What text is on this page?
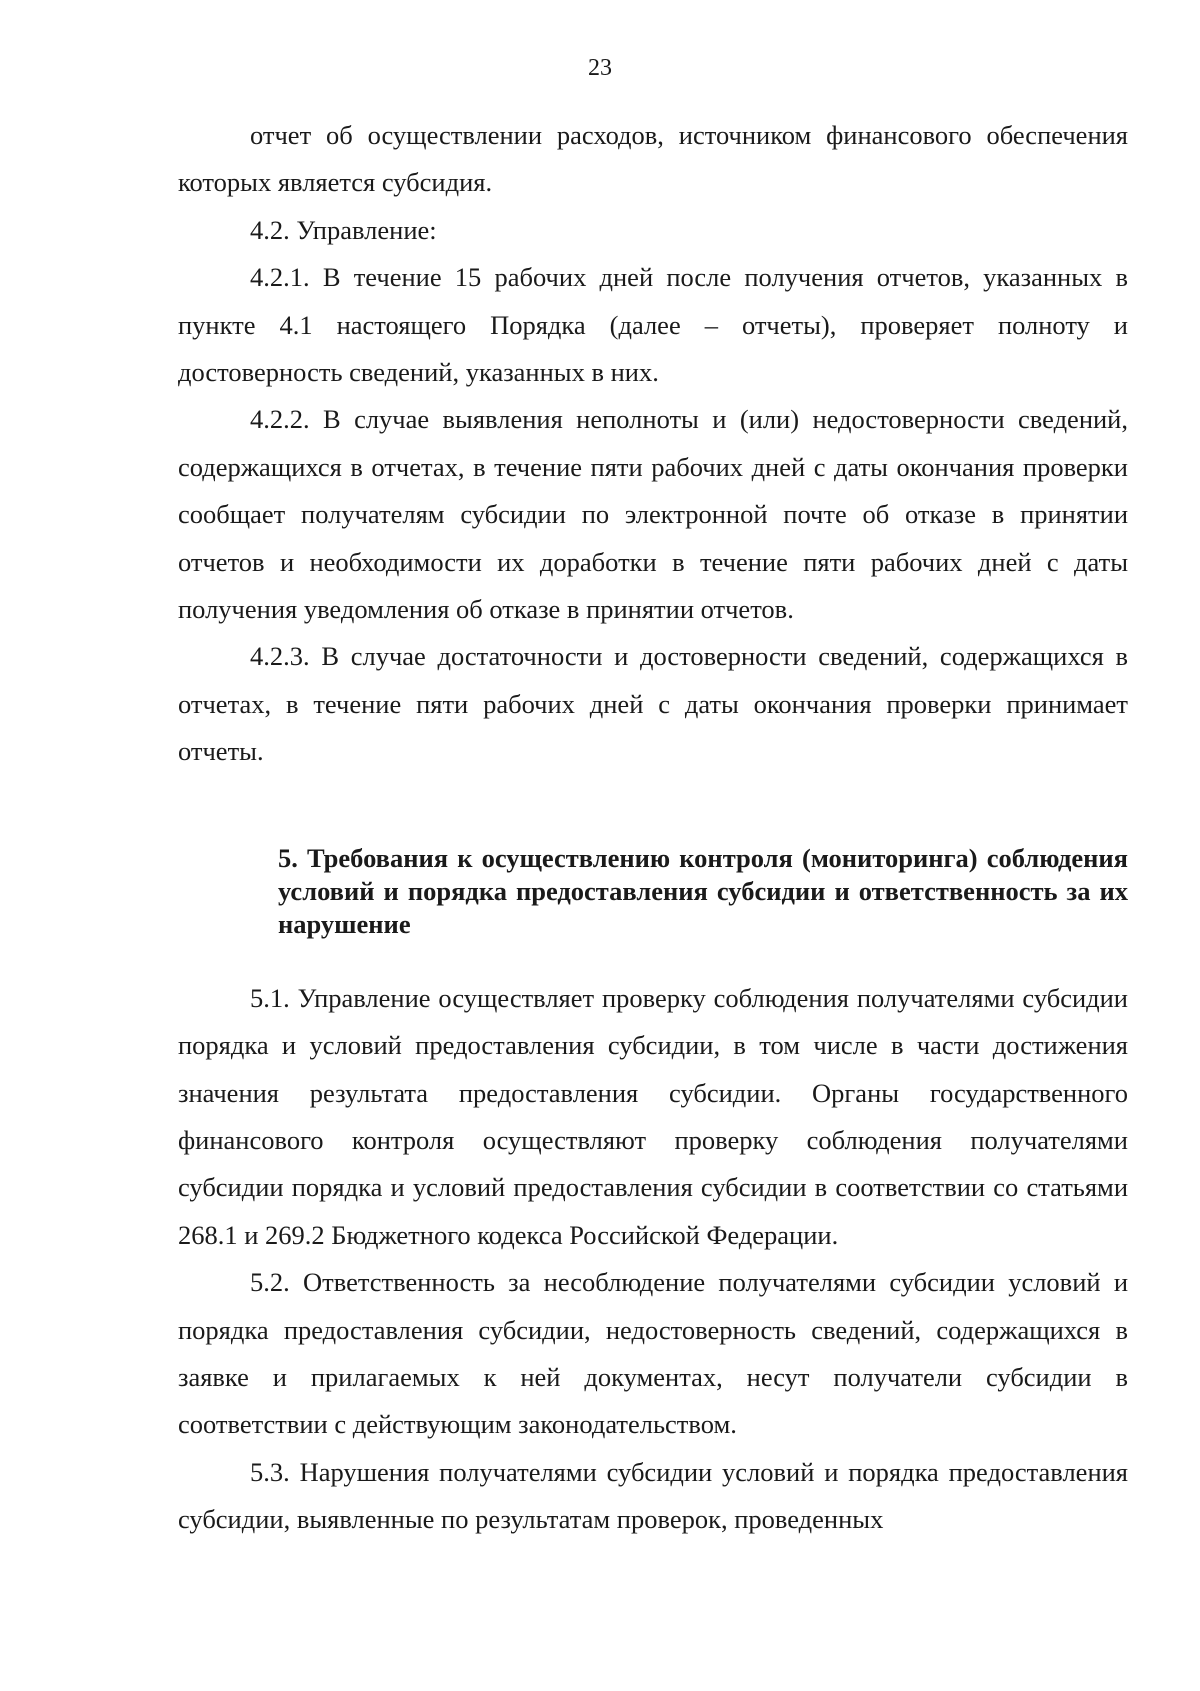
23

отчет об осуществлении расходов, источником финансового обеспечения которых является субсидия.

4.2. Управление:

4.2.1. В течение 15 рабочих дней после получения отчетов, указанных в пункте 4.1 настоящего Порядка (далее – отчеты), проверяет полноту и достоверность сведений, указанных в них.

4.2.2. В случае выявления неполноты и (или) недостоверности сведений, содержащихся в отчетах, в течение пяти рабочих дней с даты окончания проверки сообщает получателям субсидии по электронной почте об отказе в принятии отчетов и необходимости их доработки в течение пяти рабочих дней с даты получения уведомления об отказе в принятии отчетов.

4.2.3. В случае достаточности и достоверности сведений, содержащихся в отчетах, в течение пяти рабочих дней с даты окончания проверки принимает отчеты.

5. Требования к осуществлению контроля (мониторинга) соблюдения условий и порядка предоставления субсидии и ответственность за их нарушение

5.1. Управление осуществляет проверку соблюдения получателями субсидии порядка и условий предоставления субсидии, в том числе в части достижения значения результата предоставления субсидии. Органы государственного финансового контроля осуществляют проверку соблюдения получателями субсидии порядка и условий предоставления субсидии в соответствии со статьями 268.1 и 269.2 Бюджетного кодекса Российской Федерации.

5.2. Ответственность за несоблюдение получателями субсидии условий и порядка предоставления субсидии, недостоверность сведений, содержащихся в заявке и прилагаемых к ней документах, несут получатели субсидии в соответствии с действующим законодательством.

5.3. Нарушения получателями субсидии условий и порядка предоставления субсидии, выявленные по результатам проверок, проведенных
